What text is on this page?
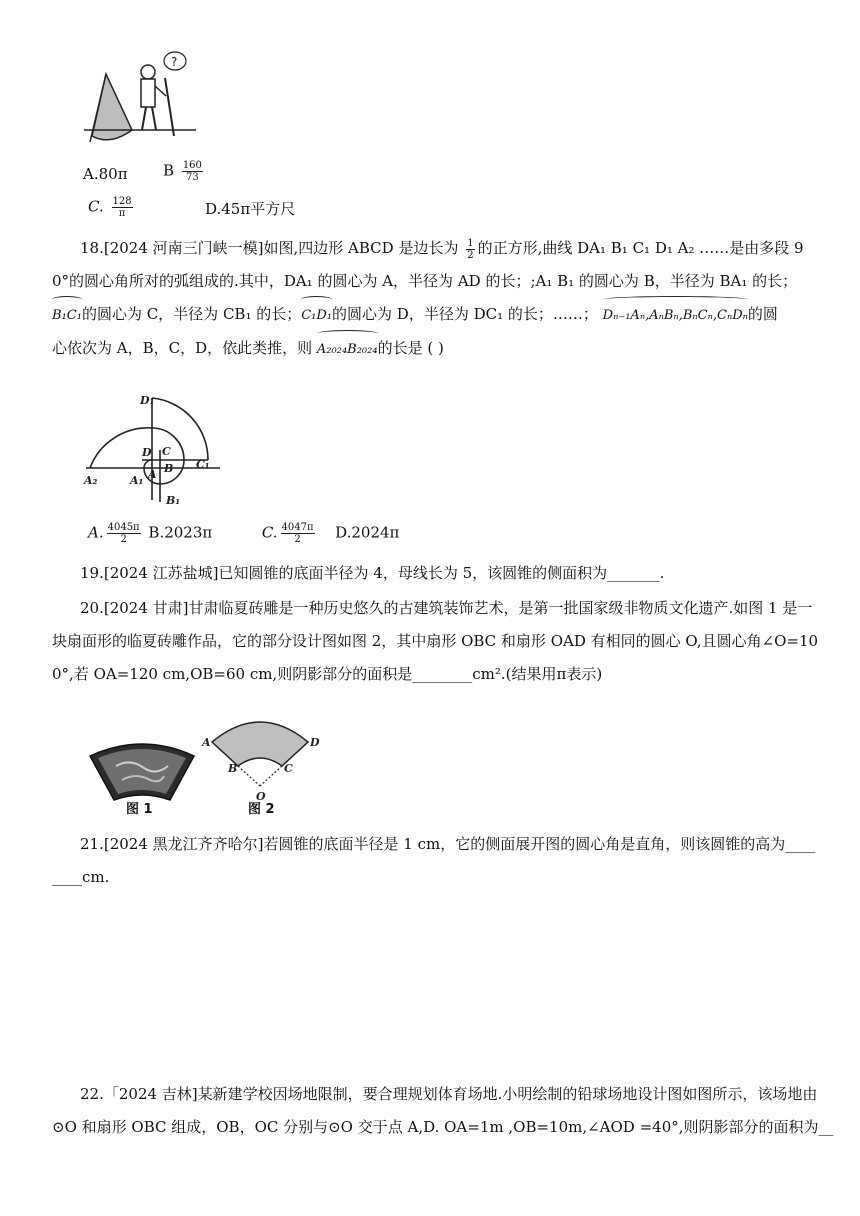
?
A.80π B $\frac{160}{73}$
C. $\frac{128}{\pi}$	D.45π平方尺

18.[2024 河南三门峡一模]如图,四边形 ABCD 是边长为 $\frac{1}{2}$ 的正方形,曲线 DA₁ B₁ C₁ D₁ A₂ ……是由多段 9

0°的圆心角所对的弧组成的.其中，DA₁ 的圆心为 A，半径为 AD 的长；;A₁ B₁ 的圆心为 B，半径为 BA₁ 的长；

B₁C₁的圆心为 C，半径为 CB₁ 的长；C₁D₁的圆心为 D，半径为 DC₁ 的长；……； Dₙ₋₁Aₙ,AₙBₙ,BₙCₙ,CₙDₙ的圆

心依次为 A，B，C，D，依此类推，则 A₂₀₂₄B₂₀₂₄的长是 ( )

D₁
D C
A B C₁
A₂	A₁
B₁
A. $\frac{4045\pi}{2} B.2023\pi$	C. $\frac{4047\pi}{2} D.2024\pi$

19.[2024 江苏盐城]已知圆锥的底面半径为 4，母线长为 5，该圆锥的侧面积为_______.

20.[2024 甘肃]甘肃临夏砖雕是一种历史悠久的古建筑装饰艺术，是第一批国家级非物质文化遗产.如图 1 是一

块扇面形的临夏砖雕作品，它的部分设计图如图 2，其中扇形 OBC 和扇形 OAD 有相同的圆心 O,且圆心角∠O=10

0°,若 OA=120 cm,OB=60 cm,则阴影部分的面积是________cm².(结果用π表示)

图 1
A	D
B	C
O
图 2

21.[2024 黑龙江齐齐哈尔]若圆锥的底面半径是 1 cm，它的侧面展开图的圆心角是直角，则该圆锥的高为____

____cm.

22.「2024 吉林]某新建学校因场地限制，要合理规划体育场地.小明绘制的铅球场地设计图如图所示，该场地由

⊙O 和扇形 OBC 组成，OB，OC 分别与⊙O 交于点 A,D. OA=1m ,OB=10m,∠AOD =40°,则阴影部分的面积为__
